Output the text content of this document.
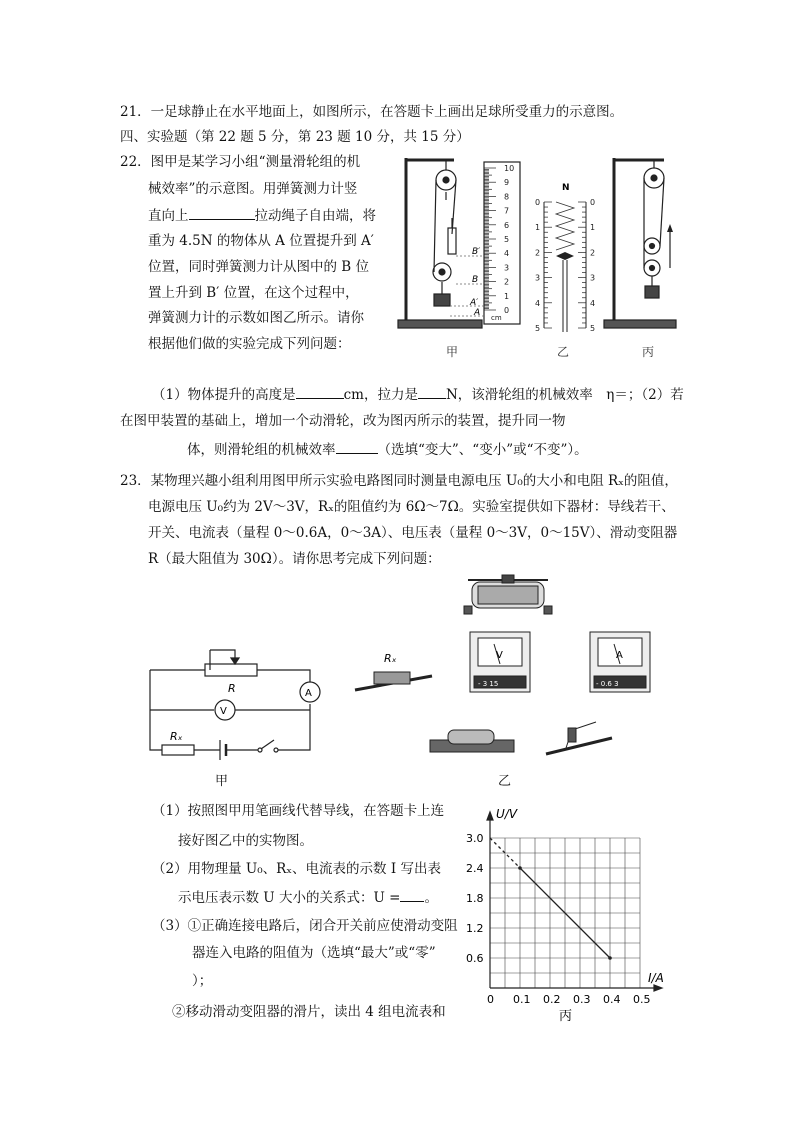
21．一足球静止在水平地面上，如图所示，在答题卡上画出足球所受重力的示意图。
四、实验题（第 22 题 5 分，第 23 题 10 分，共 15 分）
22．图甲是某学习小组“测量滑轮组的机
械效率”的示意图。用弹簧测力计竖
直向上	拉动绳子自由端，将
重为 4.5N 的物体从 A 位置提升到 A′
位置，同时弹簧测力计从图中的 B 位
置上升到 B′ 位置，在这个过程中，
弹簧测力计的示数如图乙所示。请你
根据他们做的实验完成下列问题：
（1）物体提升的高度是	cm，拉力是 N，该滑轮组的机械效率　η＝；（2）若
在图甲装置的基础上，增加一个动滑轮，改为图丙所示的装置，提升同一物
体，则滑轮组的机械效率	（选填“变大”、“变小”或“不变”）。
10
9
8
7
6
5
4
3
2
1
0
cm
B′
B
A′
A
N
0	0
1	1
2	2
3	3
4	4
5	5
甲	乙	丙
23．某物理兴趣小组利用图甲所示实验电路图同时测量电源电压 U₀的大小和电阻 Rₓ的阻值，
电源电压 U₀约为 2V～3V，Rₓ的阻值约为 6Ω～7Ω。实验室提供如下器材：导线若干、
开关、电流表（量程 0～0.6A，0～3A）、电压表（量程 0～3V，0～15V）、滑动变阻器
R（最大阻值为 30Ω）。请你思考完成下列问题：
A
V
R
Rₓ
甲
Rₓ	V	A
- 3 15	- 0.6 3
乙
（1）按照图甲用笔画线代替导线，在答题卡上连
接好图乙中的实物图。
（2）用物理量 U₀、Rₓ、电流表的示数 I 写出表
示电压表示数 U 大小的关系式：U = 。
（3）①正确连接电路后，闭合开关前应使滑动变阻
器连入电路的阻值为（选填“最大”或“零”
）；
②移动滑动变阻器的滑片，读出 4 组电流表和
0 0.1 0.2 0.3 0.4 0.5
0.6
1.2
1.8
2.4
3.0
U/V
I/A
丙
